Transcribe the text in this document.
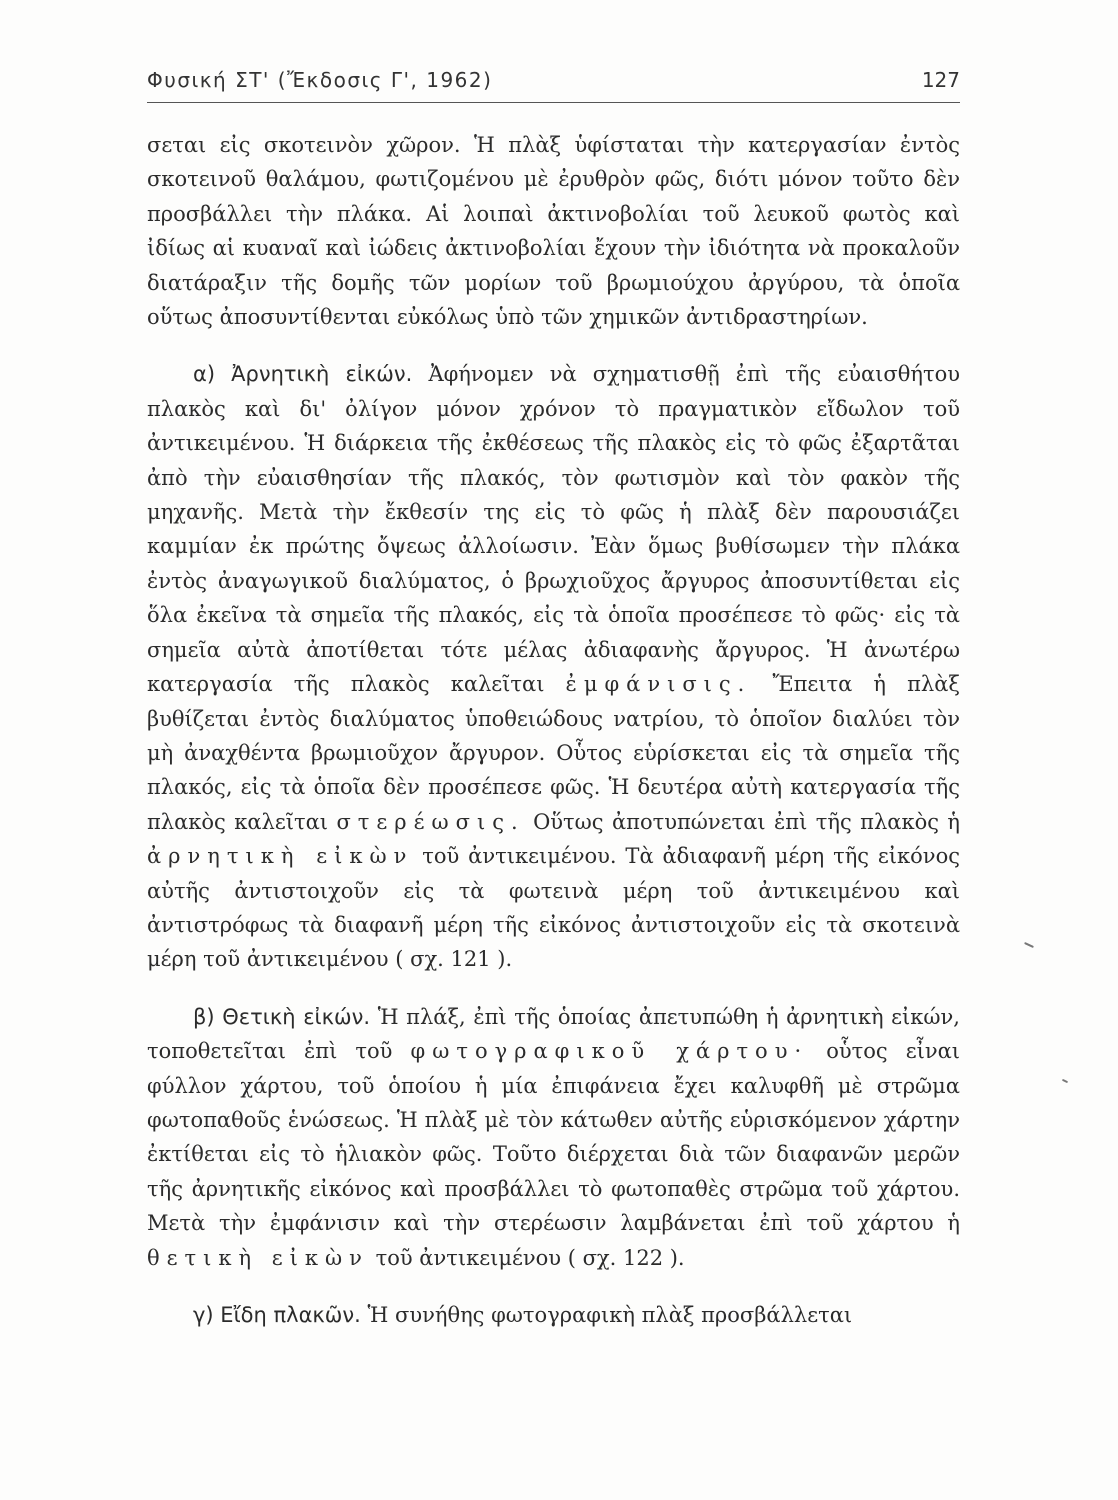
Φυσική ΣΤ' (Ἔκδοσις Γ', 1962)	127

σεται εἰς σκοτεινὸν χῶρον. Ἡ πλὰξ ὑφίσταται τὴν κατεργασίαν ἐντὸς σκοτεινοῦ θαλάμου, φωτιζομένου μὲ ἐρυθρὸν φῶς, διότι μόνον τοῦτο δὲν προσβάλλει τὴν πλάκα. Αἱ λοιπαὶ ἀκτινοβολίαι τοῦ λευκοῦ φωτὸς καὶ ἰδίως αἱ κυαναῖ καὶ ἰώδεις ἀκτινοβολίαι ἔχουν τὴν ἰδιότητα νὰ προκαλοῦν διατάραξιν τῆς δομῆς τῶν μορίων τοῦ βρωμιούχου ἀργύρου, τὰ ὁποῖα οὕτως ἀποσυντίθενται εὐκόλως ὑπὸ τῶν χημικῶν ἀντιδραστηρίων.

α) Ἀρνητικὴ εἰκών. Ἀφήνομεν νὰ σχηματισθῇ ἐπὶ τῆς εὐαισθήτου πλακὸς καὶ δι' ὀλίγον μόνον χρόνον τὸ πραγματικὸν εἴδωλον τοῦ ἀντικειμένου. Ἡ διάρκεια τῆς ἐκθέσεως τῆς πλακὸς εἰς τὸ φῶς ἐξαρτᾶται ἀπὸ τὴν εὐαισθησίαν τῆς πλακός, τὸν φωτισμὸν καὶ τὸν φακὸν τῆς μηχανῆς. Μετὰ τὴν ἔκθεσίν της εἰς τὸ φῶς ἡ πλὰξ δὲν παρουσιάζει καμμίαν ἐκ πρώτης ὄψεως ἀλλοίωσιν. Ἐὰν ὅμως βυθίσωμεν τὴν πλάκα ἐντὸς ἀναγωγικοῦ διαλύματος, ὁ βρωχιοῦχος ἄργυρος ἀποσυντίθεται εἰς ὅλα ἐκεῖνα τὰ σημεῖα τῆς πλακός, εἰς τὰ ὁποῖα προσέπεσε τὸ φῶς· εἰς τὰ σημεῖα αὐτὰ ἀποτίθεται τότε μέλας ἀδιαφανὴς ἄργυρος. Ἡ ἀνωτέρω κατεργασία τῆς πλακὸς καλεῖται ἐμφάνισις. Ἔπειτα ἡ πλὰξ βυθίζεται ἐντὸς διαλύματος ὑποθειώδους νατρίου, τὸ ὁποῖον διαλύει τὸν μὴ ἀναχθέντα βρωμιοῦχον ἄργυρον. Οὗτος εὑρίσκεται εἰς τὰ σημεῖα τῆς πλακός, εἰς τὰ ὁποῖα δὲν προσέπεσε φῶς. Ἡ δευτέρα αὐτὴ κατεργασία τῆς πλακὸς καλεῖται στερέωσις. Οὕτως ἀποτυπώνεται ἐπὶ τῆς πλακὸς ἡ ἀρνητικὴ εἰκὼν τοῦ ἀντικειμένου. Τὰ ἀδιαφανῆ μέρη τῆς εἰκόνος αὐτῆς ἀντιστοιχοῦν εἰς τὰ φωτεινὰ μέρη τοῦ ἀντικειμένου καὶ ἀντιστρόφως τὰ διαφανῆ μέρη τῆς εἰκόνος ἀντιστοιχοῦν εἰς τὰ σκοτεινὰ μέρη τοῦ ἀντικειμένου ( σχ. 121 ).

β) Θετικὴ εἰκών. Ἡ πλάξ, ἐπὶ τῆς ὁποίας ἀπετυπώθη ἡ ἀρνητικὴ εἰκών, τοποθετεῖται ἐπὶ τοῦ φωτογραφικοῦ χάρτου· οὗτος εἶναι φύλλον χάρτου, τοῦ ὁποίου ἡ μία ἐπιφάνεια ἔχει καλυφθῆ μὲ στρῶμα φωτοπαθοῦς ἑνώσεως. Ἡ πλὰξ μὲ τὸν κάτωθεν αὐτῆς εὑρισκόμενον χάρτην ἐκτίθεται εἰς τὸ ἡλιακὸν φῶς. Τοῦτο διέρχεται διὰ τῶν διαφανῶν μερῶν τῆς ἀρνητικῆς εἰκόνος καὶ προσβάλλει τὸ φωτοπαθὲς στρῶμα τοῦ χάρτου. Μετὰ τὴν ἐμφάνισιν καὶ τὴν στερέωσιν λαμβάνεται ἐπὶ τοῦ χάρτου ἡ θετικὴ εἰκὼν τοῦ ἀντικειμένου ( σχ. 122 ).

γ) Εἴδη πλακῶν. Ἡ συνήθης φωτογραφικὴ πλὰξ προσβάλλεται
